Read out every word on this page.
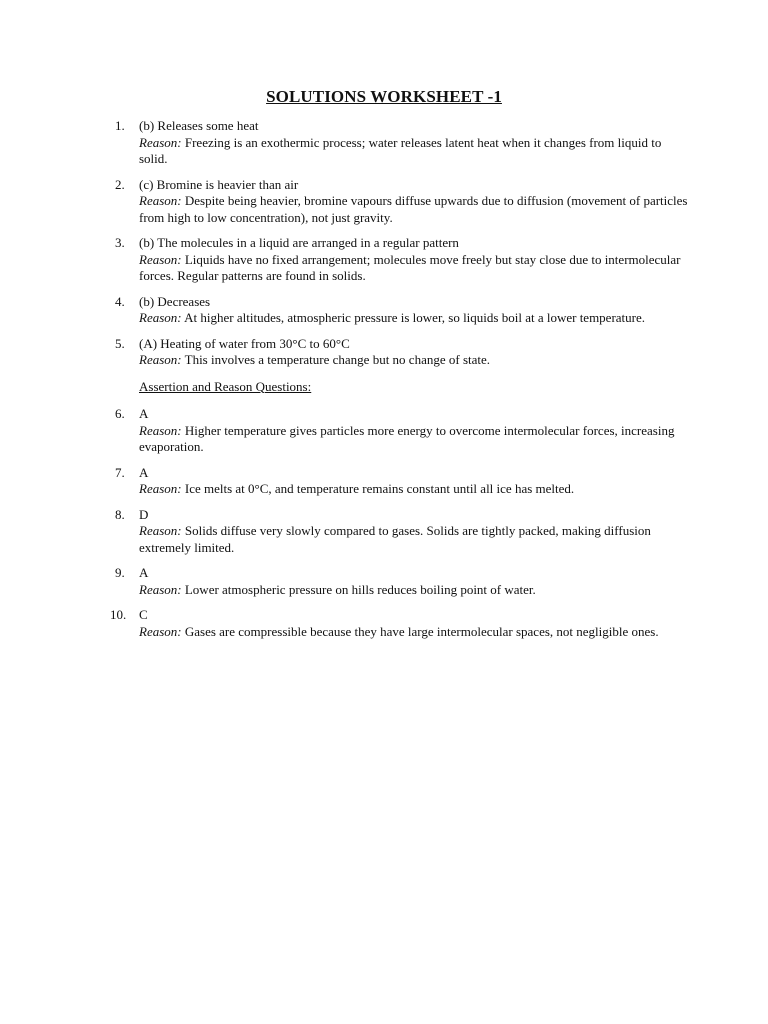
SOLUTIONS WORKSHEET -1
1. (b) Releases some heat
Reason: Freezing is an exothermic process; water releases latent heat when it changes from liquid to solid.
2. (c) Bromine is heavier than air
Reason: Despite being heavier, bromine vapours diffuse upwards due to diffusion (movement of particles from high to low concentration), not just gravity.
3. (b) The molecules in a liquid are arranged in a regular pattern
Reason: Liquids have no fixed arrangement; molecules move freely but stay close due to intermolecular forces. Regular patterns are found in solids.
4. (b) Decreases
Reason: At higher altitudes, atmospheric pressure is lower, so liquids boil at a lower temperature.
5. (A) Heating of water from 30°C to 60°C
Reason: This involves a temperature change but no change of state.
Assertion and Reason Questions:
6. A
Reason: Higher temperature gives particles more energy to overcome intermolecular forces, increasing evaporation.
7. A
Reason: Ice melts at 0°C, and temperature remains constant until all ice has melted.
8. D
Reason: Solids diffuse very slowly compared to gases. Solids are tightly packed, making diffusion extremely limited.
9. A
Reason: Lower atmospheric pressure on hills reduces boiling point of water.
10. C
Reason: Gases are compressible because they have large intermolecular spaces, not negligible ones.
